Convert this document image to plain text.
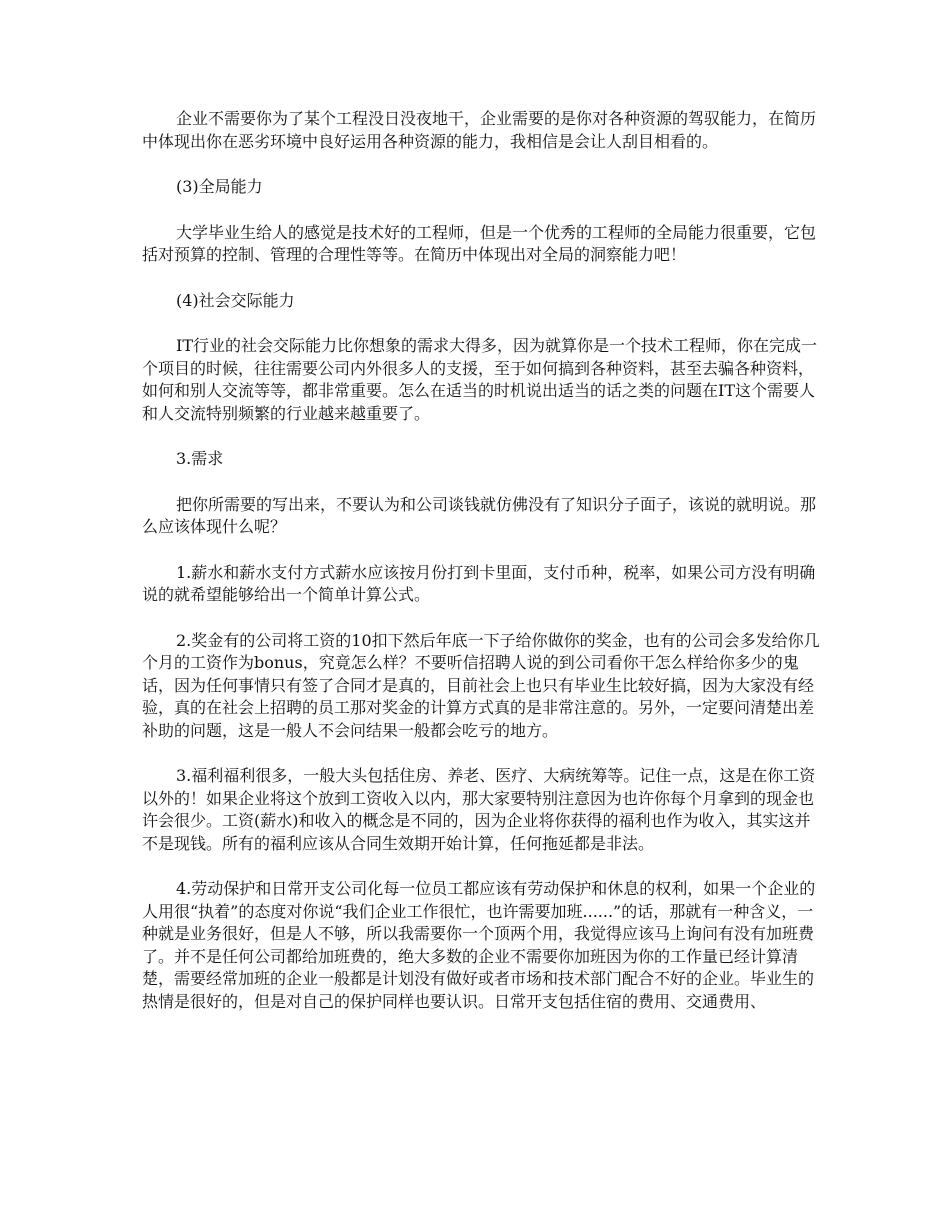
企业不需要你为了某个工程没日没夜地干，企业需要的是你对各种资源的驾驭能力，在简历中体现出你在恶劣环境中良好运用各种资源的能力，我相信是会让人刮目相看的。

(3)全局能力

大学毕业生给人的感觉是技术好的工程师，但是一个优秀的工程师的全局能力很重要，它包括对预算的控制、管理的合理性等等。在简历中体现出对全局的洞察能力吧！

(4)社会交际能力

IT行业的社会交际能力比你想象的需求大得多，因为就算你是一个技术工程师，你在完成一个项目的时候，往往需要公司内外很多人的支援，至于如何搞到各种资料，甚至去骗各种资料，如何和别人交流等等，都非常重要。怎么在适当的时机说出适当的话之类的问题在IT这个需要人和人交流特别频繁的行业越来越重要了。

3.需求

把你所需要的写出来，不要认为和公司谈钱就仿佛没有了知识分子面子，该说的就明说。那么应该体现什么呢？

1.薪水和薪水支付方式薪水应该按月份打到卡里面，支付币种，税率，如果公司方没有明确说的就希望能够给出一个简单计算公式。

2.奖金有的公司将工资的10扣下然后年底一下子给你做你的奖金，也有的公司会多发给你几个月的工资作为bonus，究竟怎么样？不要听信招聘人说的到公司看你干怎么样给你多少的鬼话，因为任何事情只有签了合同才是真的，目前社会上也只有毕业生比较好搞，因为大家没有经验，真的在社会上招聘的员工那对奖金的计算方式真的是非常注意的。另外，一定要问清楚出差补助的问题，这是一般人不会问结果一般都会吃亏的地方。

3.福利福利很多，一般大头包括住房、养老、医疗、大病统筹等。记住一点，这是在你工资以外的！如果企业将这个放到工资收入以内，那大家要特别注意因为也许你每个月拿到的现金也许会很少。工资(薪水)和收入的概念是不同的，因为企业将你获得的福利也作为收入，其实这并不是现钱。所有的福利应该从合同生效期开始计算，任何拖延都是非法。

4.劳动保护和日常开支公司化每一位员工都应该有劳动保护和休息的权利，如果一个企业的人用很“执着”的态度对你说“我们企业工作很忙，也许需要加班......”的话，那就有一种含义，一种就是业务很好，但是人不够，所以我需要你一个顶两个用，我觉得应该马上询问有没有加班费了。并不是任何公司都给加班费的，绝大多数的企业不需要你加班因为你的工作量已经计算清楚，需要经常加班的企业一般都是计划没有做好或者市场和技术部门配合不好的企业。毕业生的热情是很好的，但是对自己的保护同样也要认识。日常开支包括住宿的费用、交通费用、
